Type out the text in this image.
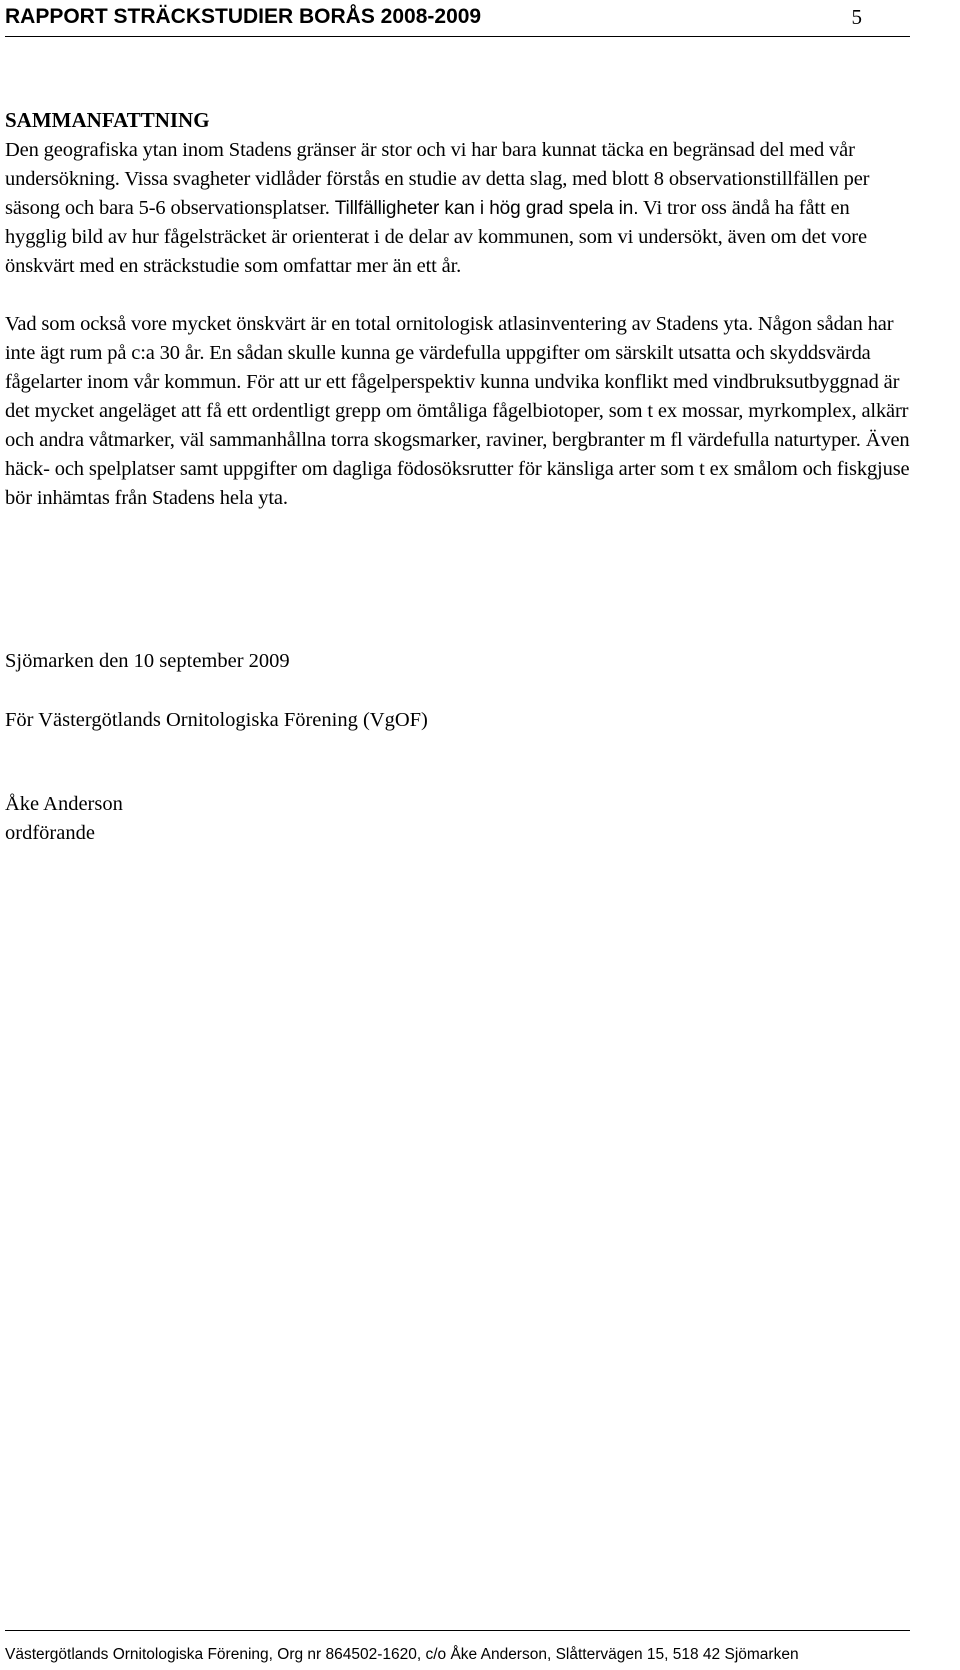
RAPPORT STRÄCKSTUDIER BORÅS 2008-2009	5
SAMMANFATTNING

Den geografiska ytan inom Stadens gränser är stor och vi har bara kunnat täcka en begränsad del med vår undersökning. Vissa svagheter vidlåder förstås en studie av detta slag, med blott 8 observationstillfällen per säsong och bara 5-6 observationsplatser. Tillfälligheter kan i hög grad spela in. Vi tror oss ändå ha fått en hygglig bild av hur fågelsträcket är orienterat i de delar av kommunen, som vi undersökt, även om det vore önskvärt med en sträckstudie som omfattar mer än ett år.

Vad som också vore mycket önskvärt är en total ornitologisk atlasinventering av Stadens yta. Någon sådan har inte ägt rum på c:a 30 år. En sådan skulle kunna ge värdefulla uppgifter om särskilt utsatta och skyddsvärda fågelarter inom vår kommun. För att ur ett fågelperspektiv kunna undvika konflikt med vindbruksutbyggnad är det mycket angeläget att få ett ordentligt grepp om ömtåliga fågelbiotoper, som t ex mossar, myrkomplex, alkärr och andra våtmarker, väl sammanhållna torra skogsmarker, raviner, bergbranter m fl värdefulla naturtyper. Även häck- och spelplatser samt uppgifter om dagliga födosöksrutter för känsliga arter som t ex smålom och fiskgjuse bör inhämtas från Stadens hela yta.

Sjömarken den 10 september 2009
För Västergötlands Ornitologiska Förening (VgOF)
Åke Anderson
ordförande
Västergötlands Ornitologiska Förening, Org nr 864502-1620, c/o Åke Anderson, Slåttervägen 15, 518 42 Sjömarken
